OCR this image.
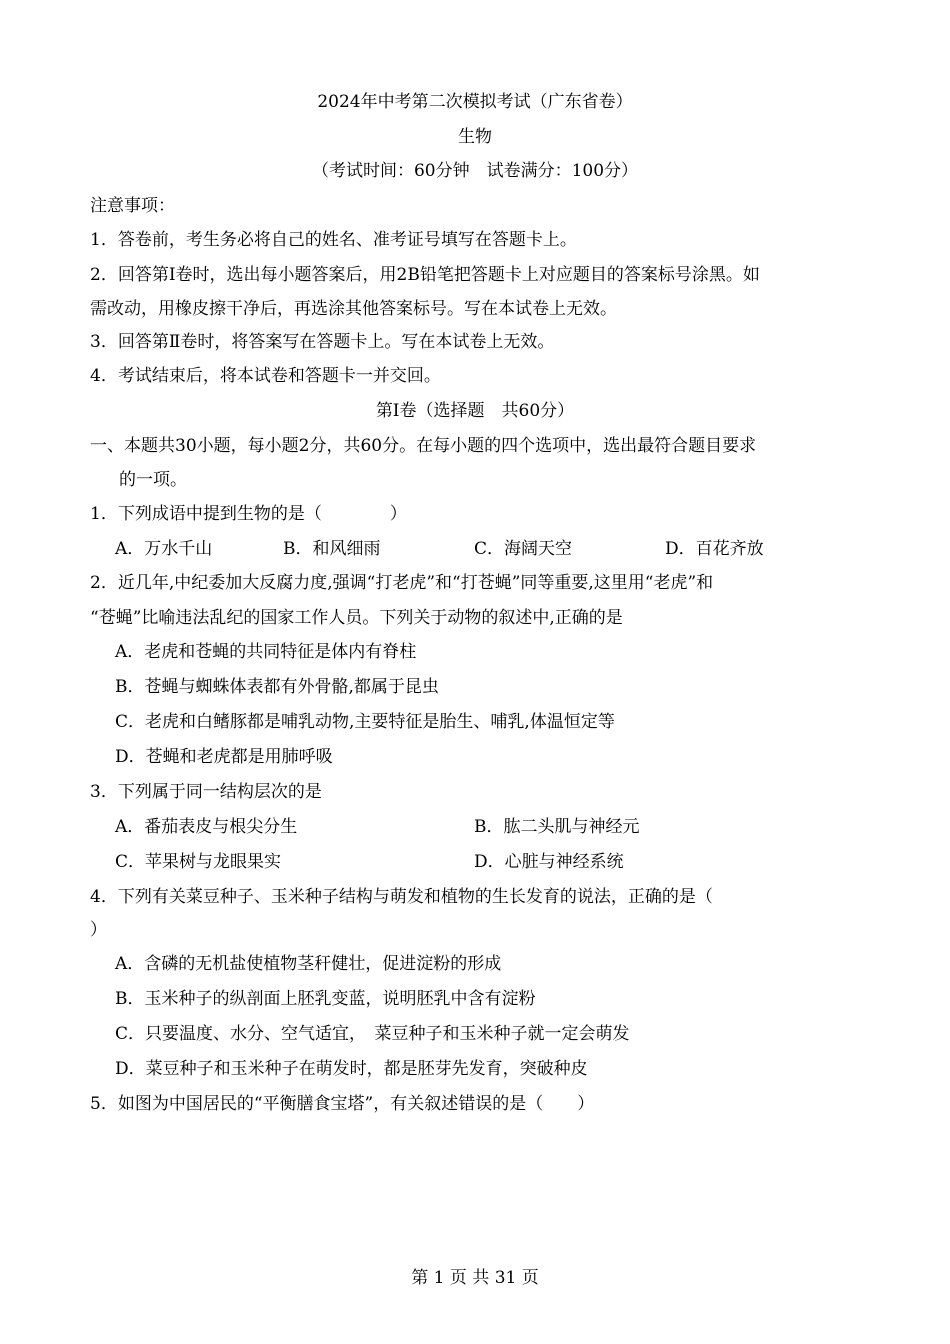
2024年中考第二次模拟考试（广东省卷）
生物
（考试时间：60分钟　试卷满分：100分）
注意事项：
1．答卷前，考生务必将自己的姓名、准考证号填写在答题卡上。
2．回答第Ⅰ卷时，选出每小题答案后，用2B铅笔把答题卡上对应题目的答案标号涂黑。如
需改动，用橡皮擦干净后，再选涂其他答案标号。写在本试卷上无效。
3．回答第Ⅱ卷时，将答案写在答题卡上。写在本试卷上无效。
4．考试结束后，将本试卷和答题卡一并交回。
第Ⅰ卷（选择题　共60分）
一、本题共30小题，每小题2分，共60分。在每小题的四个选项中，选出最符合题目要求
的一项。
1．下列成语中提到生物的是（　　　　）
A．万水千山	B．和风细雨	C．海阔天空	D．百花齐放
2．近几年,中纪委加大反腐力度,强调“打老虎”和“打苍蝇”同等重要,这里用“老虎”和
“苍蝇”比喻违法乱纪的国家工作人员。下列关于动物的叙述中,正确的是
A．老虎和苍蝇的共同特征是体内有脊柱
B．苍蝇与蜘蛛体表都有外骨骼,都属于昆虫
C．老虎和白鳍豚都是哺乳动物,主要特征是胎生、哺乳,体温恒定等
D．苍蝇和老虎都是用肺呼吸
3．下列属于同一结构层次的是
A．番茄表皮与根尖分生	B．肱二头肌与神经元
C．苹果树与龙眼果实	D．心脏与神经系统
4．下列有关菜豆种子、玉米种子结构与萌发和植物的生长发育的说法，正确的是（
）
A．含磷的无机盐使植物茎秆健壮，促进淀粉的形成
B．玉米种子的纵剖面上胚乳变蓝，说明胚乳中含有淀粉
C．只要温度、水分、空气适宜，　菜豆种子和玉米种子就一定会萌发
D．菜豆种子和玉米种子在萌发时，都是胚芽先发育，突破种皮
5．如图为中国居民的“平衡膳食宝塔”，有关叙述错误的是（　　）
第 1 页 共 31 页
